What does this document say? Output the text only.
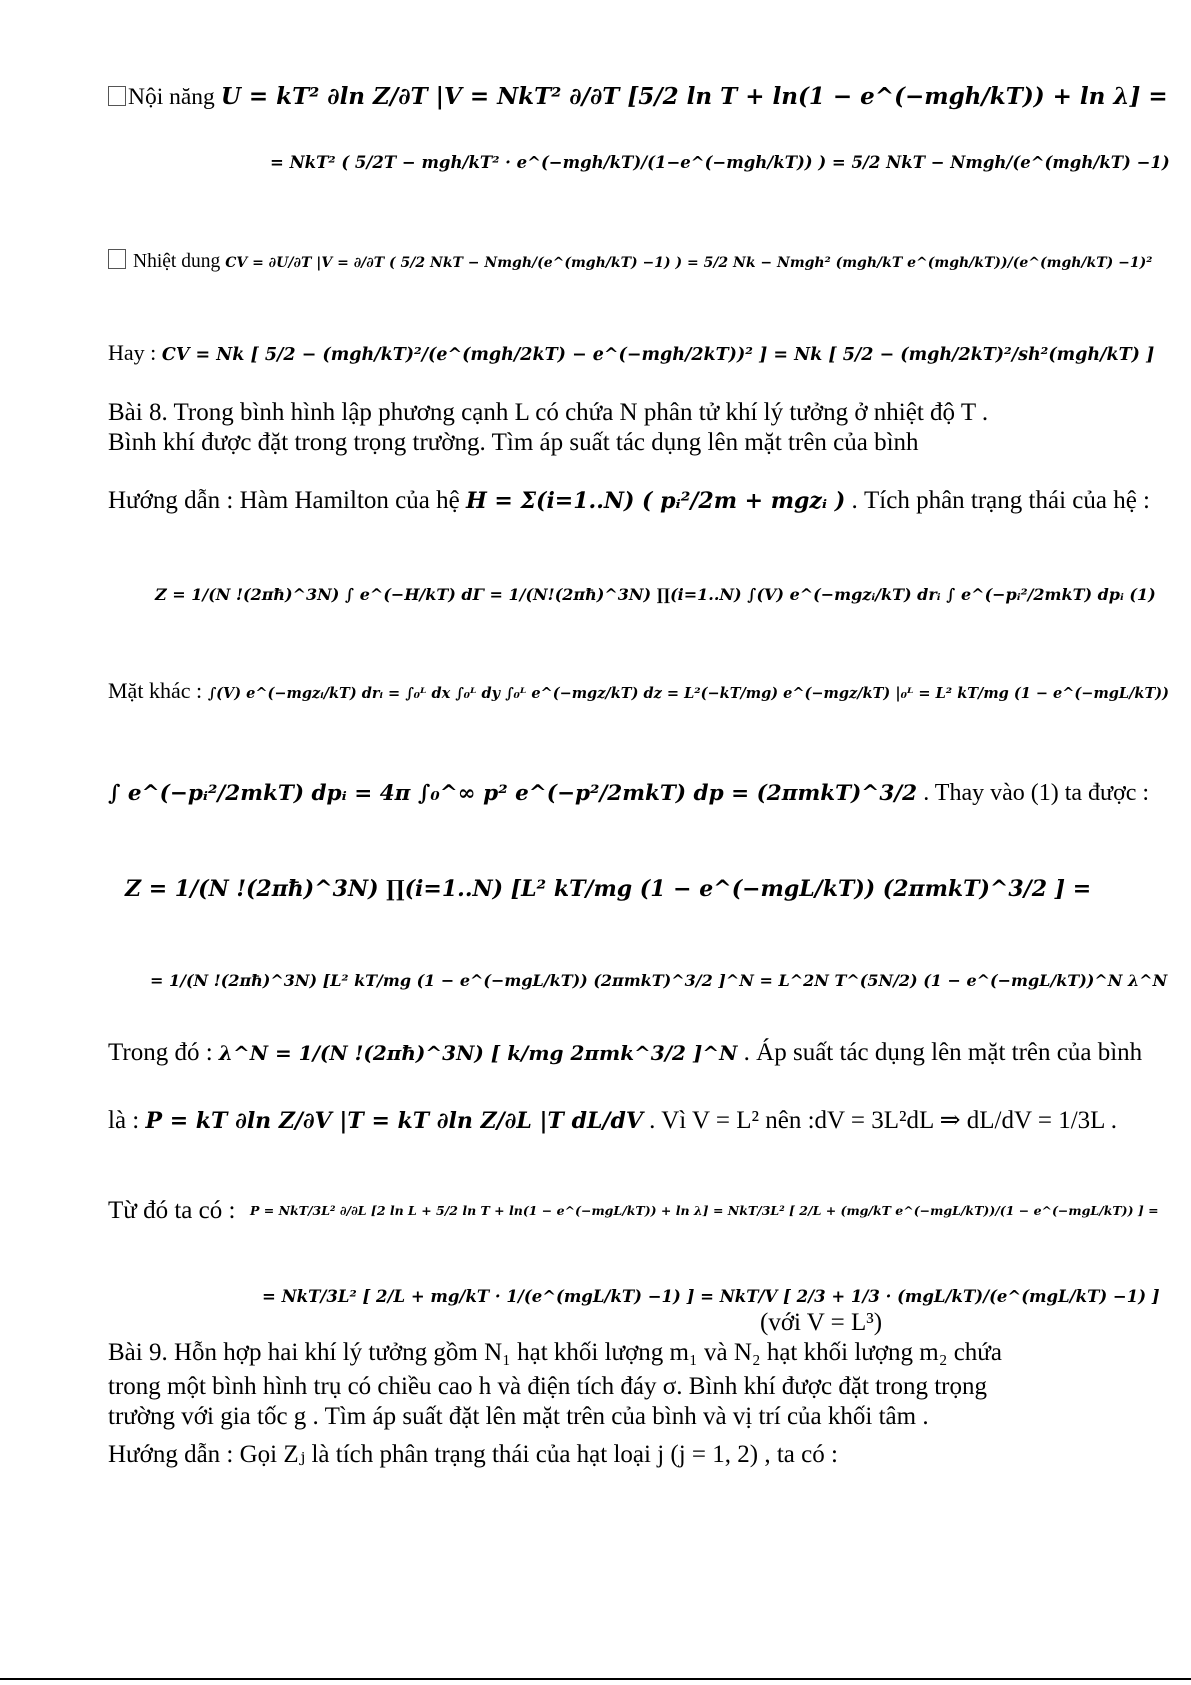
Nội năng U = kT² ∂ln Z/∂T |V = NkT² ∂/∂T [5/2 ln T + ln(1 − e^(−mgh/kT)) + ln λ] =
= NkT² ( 5/2T − mgh/kT² · e^(−mgh/kT)/(1−e^(−mgh/kT)) ) = 5/2 NkT − Nmgh/(e^(mgh/kT) −1)
Nhiệt dung CV = ∂U/∂T |V = ∂/∂T ( 5/2 NkT − Nmgh/(e^(mgh/kT) −1) ) = 5/2 Nk − Nmgh² (mgh/kT e^(mgh/kT))/(e^(mgh/kT) −1)²
Hay : CV = Nk [ 5/2 − (mgh/kT)²/(e^(mgh/2kT) − e^(−mgh/2kT))² ] = Nk [ 5/2 − (mgh/2kT)²/sh²(mgh/kT) ]
Bài 8. Trong bình hình lập phương cạnh L có chứa N phân tử khí lý tưởng ở nhiệt độ T .
Bình khí được đặt trong trọng trường. Tìm áp suất tác dụng lên mặt trên của bình
Hướng dẫn : Hàm Hamilton của hệ H = Σ(i=1..N) ( pᵢ²/2m + mgzᵢ ) . Tích phân trạng thái của hệ :
Z = 1/(N !(2πħ)^3N) ∫ e^(−H/kT) dΓ = 1/(N!(2πħ)^3N) ∏(i=1..N) ∫(V) e^(−mgzᵢ/kT) drᵢ ∫ e^(−pᵢ²/2mkT) dpᵢ (1)
Mặt khác : ∫(V) e^(−mgzᵢ/kT) drᵢ = ∫₀ᴸ dx ∫₀ᴸ dy ∫₀ᴸ e^(−mgz/kT) dz = L²(−kT/mg) e^(−mgz/kT) |₀ᴸ = L² kT/mg (1 − e^(−mgL/kT))
∫ e^(−pᵢ²/2mkT) dpᵢ = 4π ∫₀^∞ p² e^(−p²/2mkT) dp = (2πmkT)^3/2 . Thay vào (1) ta được :
Z = 1/(N !(2πħ)^3N) ∏(i=1..N) [L² kT/mg (1 − e^(−mgL/kT)) (2πmkT)^3/2 ] =
= 1/(N !(2πħ)^3N) [L² kT/mg (1 − e^(−mgL/kT)) (2πmkT)^3/2 ]^N = L^2N T^(5N/2) (1 − e^(−mgL/kT))^N λ^N
Trong đó : λ^N = 1/(N !(2πħ)^3N) [ k/mg 2πmk^3/2 ]^N . Áp suất tác dụng lên mặt trên của bình
là : P = kT ∂ln Z/∂V |T = kT ∂ln Z/∂L |T dL/dV . Vì V = L² nên :dV = 3L²dL ⇒ dL/dV = 1/3L .
Từ đó ta có : P = NkT/3L² ∂/∂L [2 ln L + 5/2 ln T + ln(1 − e^(−mgL/kT)) + ln λ] = NkT/3L² [ 2/L + (mg/kT e^(−mgL/kT))/(1 − e^(−mgL/kT)) ] =
= NkT/3L² [ 2/L + mg/kT · 1/(e^(mgL/kT) −1) ] = NkT/V [ 2/3 + 1/3 · (mgL/kT)/(e^(mgL/kT) −1) ]
(với V = L³)
Bài 9. Hỗn hợp hai khí lý tưởng gồm N₁ hạt khối lượng m₁ và N₂ hạt khối lượng m₂ chứa
trong một bình hình trụ có chiều cao h và điện tích đáy σ. Bình khí được đặt trong trọng
trường với gia tốc g . Tìm áp suất đặt lên mặt trên của bình và vị trí của khối tâm .
Hướng dẫn : Gọi Zⱼ là tích phân trạng thái của hạt loại j (j = 1, 2) , ta có :
